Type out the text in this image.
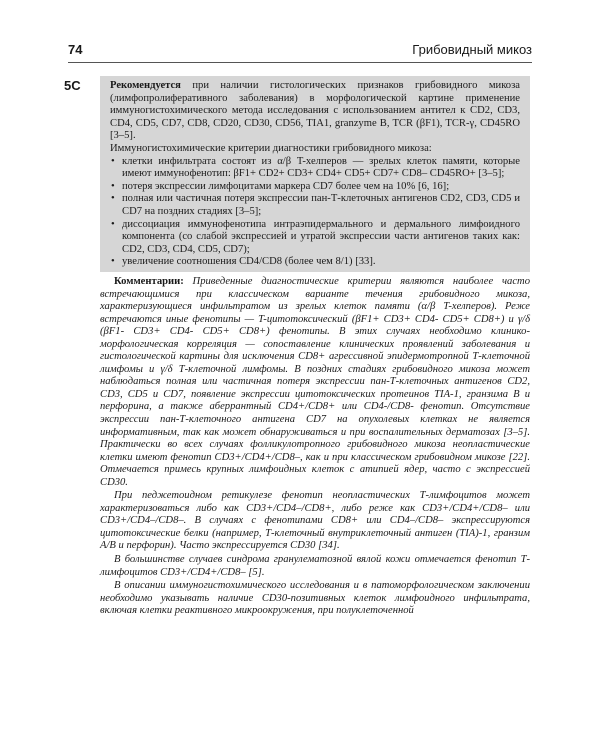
74	Грибовидный микоз
5C	Рекомендуется при наличии гистологических признаков грибовидного микоза (лимфопролиферативного заболевания) в морфологической картине применение иммуногистохимического метода исследования с использованием антител к CD2, CD3, CD4, CD5, CD7, CD8, CD20, CD30, CD56, TIA1, granzyme B, TCR (βF1), TCR-γ, CD45RO [3–5].

Иммуногистохимические критерии диагностики грибовидного микоза:

• клетки инфильтрата состоят из α/β T-хелперов — зрелых клеток памяти, которые имеют иммунофенотип: βF1+ CD2+ CD3+ CD4+ CD5+ CD7+ CD8– CD45RO+ [3–5];
• потеря экспрессии лимфоцитами маркера CD7 более чем на 10% [6, 16];
• полная или частичная потеря экспрессии пан-Т-клеточных антигенов CD2, CD3, CD5 и CD7 на поздних стадиях [3–5];
• диссоциация иммунофенотипа интраэпидермального и дермального лимфоидного компонента (со слабой экспрессией и утратой экспрессии части антигенов таких как: CD2, CD3, CD4, CD5, CD7);
• увеличение соотношения CD4/CD8 (более чем 8/1) [33].

Комментарии: Приведенные диагностические критерии являются наиболее часто встречающимися при классическом варианте течения грибовидного микоза, характеризующиеся инфильтратом из зрелых клеток памяти (α/β T-хелперов). Реже встречаются иные фенотипы — T-цитотоксический (βF1+ CD3+ CD4- CD5+ CD8+) и γ/δ (βF1- CD3+ CD4- CD5+ CD8+) фенотипы. В этих случаях необходимо клинико-морфологическая корреляция — сопоставление клинических проявлений заболевания и гистологической картины для исключения CD8+ агрессивной эпидермотропной Т-клеточной лимфомы и γ/δ Т-клеточной лимфомы. В поздних стадиях грибовидного микоза может наблюдаться полная или частичная потеря экспрессии пан-Т-клеточных антигенов CD2, CD3, CD5 и CD7, появление экспрессии цитотоксических протеинов TIA-1, гранзима B и перфорина, а также аберрантный CD4+/CD8+ или CD4-/CD8- фенотип. Отсутствие экспрессии пан-Т-клеточного антигена CD7 на опухолевых клетках не является информативным, так как может обнаруживаться и при воспалительных дерматозах [3–5]. Практически во всех случаях фолликулотропного грибовидного микоза неопластические клетки имеют фенотип CD3+/CD4+/CD8–, как и при классическом грибовидном микозе [22]. Отмечается примесь крупных лимфоидных клеток с атипией ядер, часто с экспрессией CD30.

При педжетоидном ретикулезе фенотип неопластических Т-лимфоцитов может характеризоваться либо как CD3+/CD4–/CD8+, либо реже как CD3+/CD4+/CD8– или CD3+/CD4–/CD8–. В случаях с фенотипами CD8+ или CD4–/CD8– экспрессируются цитотоксические белки (например, Т-клеточный внутриклеточный антиген (TIA)-1, гранзим А/В и перфорин). Часто экспрессируется CD30 [34].

В большинстве случаев синдрома гранулематозной вялой кожи отмечается фенотип Т-лимфоцитов CD3+/CD4+/CD8– [5].

В описании иммуногистохимического исследования и в патоморфологическом заключении необходимо указывать наличие CD30-позитивных клеток лимфоидного инфильтрата, включая клетки реактивного микроокружения, при полуклеточенной
